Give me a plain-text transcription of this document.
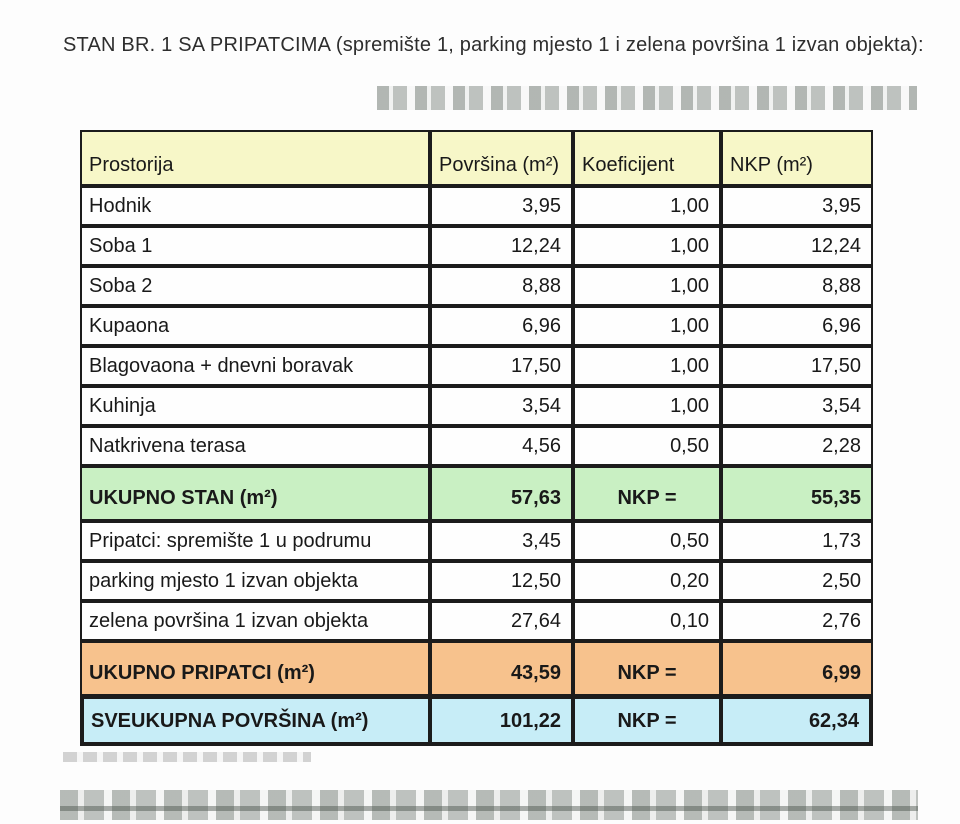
STAN BR. 1 SA PRIPATCIMA (spremište 1, parking mjesto 1 i zelena površina 1 izvan objekta):
Prostorija	Površina (m²)	Koeficijent	NKP (m²)
Hodnik	3,95	1,00	3,95
Soba 1	12,24	1,00	12,24
Soba 2	8,88	1,00	8,88
Kupaona	6,96	1,00	6,96
Blagovaona + dnevni boravak	17,50	1,00	17,50
Kuhinja	3,54	1,00	3,54
Natkrivena terasa	4,56	0,50	2,28
UKUPNO STAN (m²)	57,63	NKP =	55,35
Pripatci: spremište 1 u podrumu	3,45	0,50	1,73
parking mjesto 1 izvan objekta	12,50	0,20	2,50
zelena površina 1 izvan objekta	27,64	0,10	2,76
UKUPNO PRIPATCI (m²)	43,59	NKP =	6,99
SVEUKUPNA POVRŠINA (m²)	101,22	NKP =	62,34
